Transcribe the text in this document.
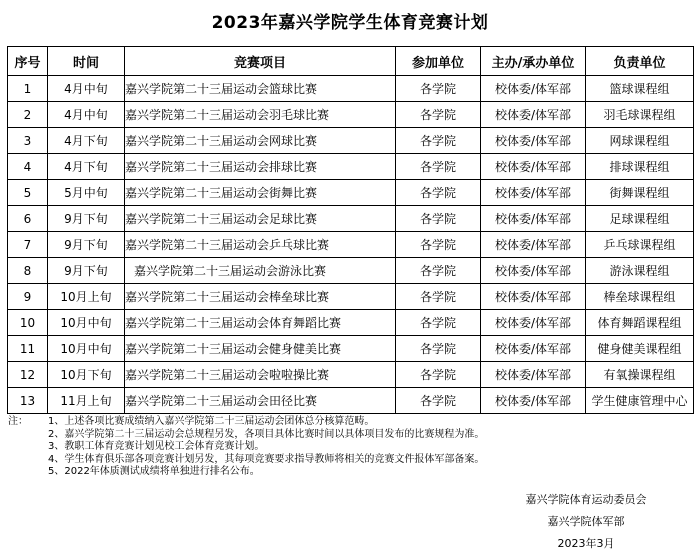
2023年嘉兴学院学生体育竞赛计划
序号	时间	竞赛项目	参加单位	主办/承办单位	负责单位
1	4月中旬	嘉兴学院第二十三届运动会篮球比赛	各学院	校体委/体军部	篮球课程组
2	4月中旬	嘉兴学院第二十三届运动会羽毛球比赛	各学院	校体委/体军部	羽毛球课程组
3	4月下旬	嘉兴学院第二十三届运动会网球比赛	各学院	校体委/体军部	网球课程组
4	4月下旬	嘉兴学院第二十三届运动会排球比赛	各学院	校体委/体军部	排球课程组
5	5月中旬	嘉兴学院第二十三届运动会街舞比赛	各学院	校体委/体军部	街舞课程组
6	9月下旬	嘉兴学院第二十三届运动会足球比赛	各学院	校体委/体军部	足球课程组
7	9月下旬	嘉兴学院第二十三届运动会乒乓球比赛	各学院	校体委/体军部	乒乓球课程组
8	9月下旬	嘉兴学院第二十三届运动会游泳比赛	各学院	校体委/体军部	游泳课程组
9	10月上旬	嘉兴学院第二十三届运动会棒垒球比赛	各学院	校体委/体军部	棒垒球课程组
10	10月中旬	嘉兴学院第二十三届运动会体育舞蹈比赛	各学院	校体委/体军部	体育舞蹈课程组
11	10月中旬	嘉兴学院第二十三届运动会健身健美比赛	各学院	校体委/体军部	健身健美课程组
12	10月下旬	嘉兴学院第二十三届运动会啦啦操比赛	各学院	校体委/体军部	有氧操课程组
13	11月上旬	嘉兴学院第二十三届运动会田径比赛	各学院	校体委/体军部	学生健康管理中心
注： 1、上述各项比赛成绩纳入嘉兴学院第二十三届运动会团体总分核算范畴。
2、嘉兴学院第二十三届运动会总规程另发，各项目具体比赛时间以具体项目发布的比赛规程为准。
3、教职工体育竞赛计划见校工会体育竞赛计划。
4、学生体育俱乐部各项竞赛计划另发，其每项竞赛要求指导教师将相关的竞赛文件报体军部备案。
5、2022年体质测试成绩将单独进行排名公布。
嘉兴学院体育运动委员会
嘉兴学院体军部
2023年3月
